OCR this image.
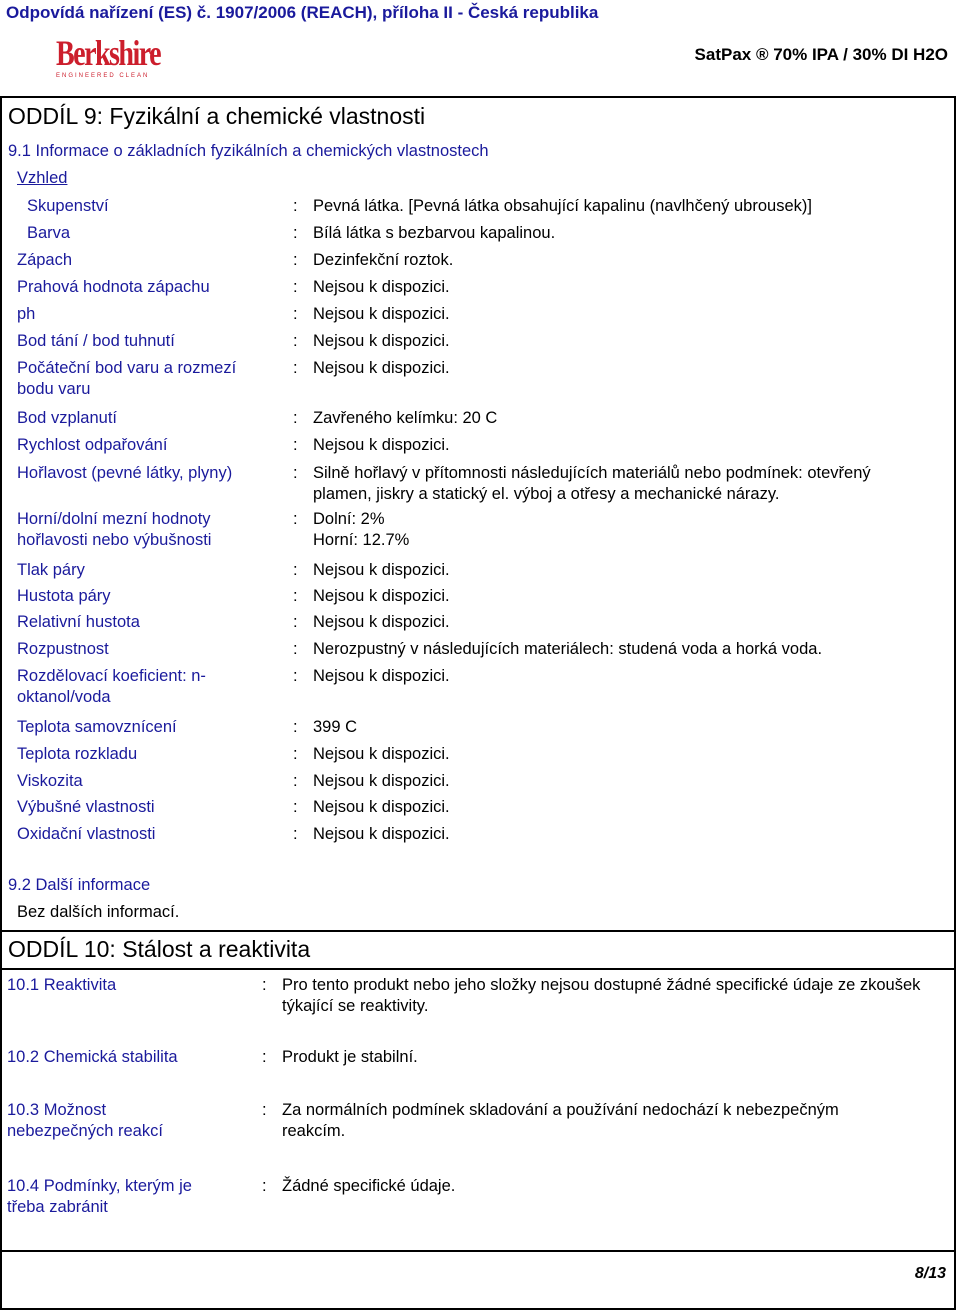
Odpovídá nařízení (ES) č. 1907/2006 (REACH), příloha II - Česká republika
Berkshire
ENGINEERED CLEAN
SatPax ® 70% IPA / 30% DI H2O
ODDÍL 9: Fyzikální a chemické vlastnosti
9.1 Informace o základních fyzikálních a chemických vlastnostech
Vzhled
Skupenství	: Pevná látka. [Pevná látka obsahující kapalinu (navlhčený ubrousek)]
Barva	: Bílá látka s bezbarvou kapalinou.
Zápach	: Dezinfekční roztok.
Prahová hodnota zápachu	: Nejsou k dispozici.
ph	: Nejsou k dispozici.
Bod tání / bod tuhnutí	: Nejsou k dispozici.
Počáteční bod varu a rozmezí bodu varu
: Nejsou k dispozici.
Bod vzplanutí	: Zavřeného kelímku: 20 C
Rychlost odpařování	: Nejsou k dispozici.
Hořlavost (pevné látky, plyny)	: Silně hořlavý v přítomnosti následujících materiálů nebo podmínek: otevřený plamen, jiskry a statický el. výboj a otřesy a mechanické nárazy.
Horní/dolní mezní hodnoty hořlavosti nebo výbušnosti
: Dolní: 2%
Horní: 12.7%
Tlak páry	: Nejsou k dispozici.
Hustota páry	: Nejsou k dispozici.
Relativní hustota	: Nejsou k dispozici.
Rozpustnost	: Nerozpustný v následujících materiálech: studená voda a horká voda.
Rozdělovací koeficient: n-oktanol/voda
: Nejsou k dispozici.
Teplota samovznícení	: 399 C
Teplota rozkladu	: Nejsou k dispozici.
Viskozita	: Nejsou k dispozici.
Výbušné vlastnosti	: Nejsou k dispozici.
Oxidační vlastnosti	: Nejsou k dispozici.
9.2 Další informace
Bez dalších informací.
ODDÍL 10: Stálost a reaktivita
10.1 Reaktivita	: Pro tento produkt nebo jeho složky nejsou dostupné žádné specifické údaje ze zkoušek týkající se reaktivity.
10.2 Chemická stabilita	: Produkt je stabilní.
10.3 Možnost nebezpečných reakcí
: Za normálních podmínek skladování a používání nedochází k nebezpečným reakcím.
10.4 Podmínky, kterým je třeba zabránit
: Žádné specifické údaje.
8/13
